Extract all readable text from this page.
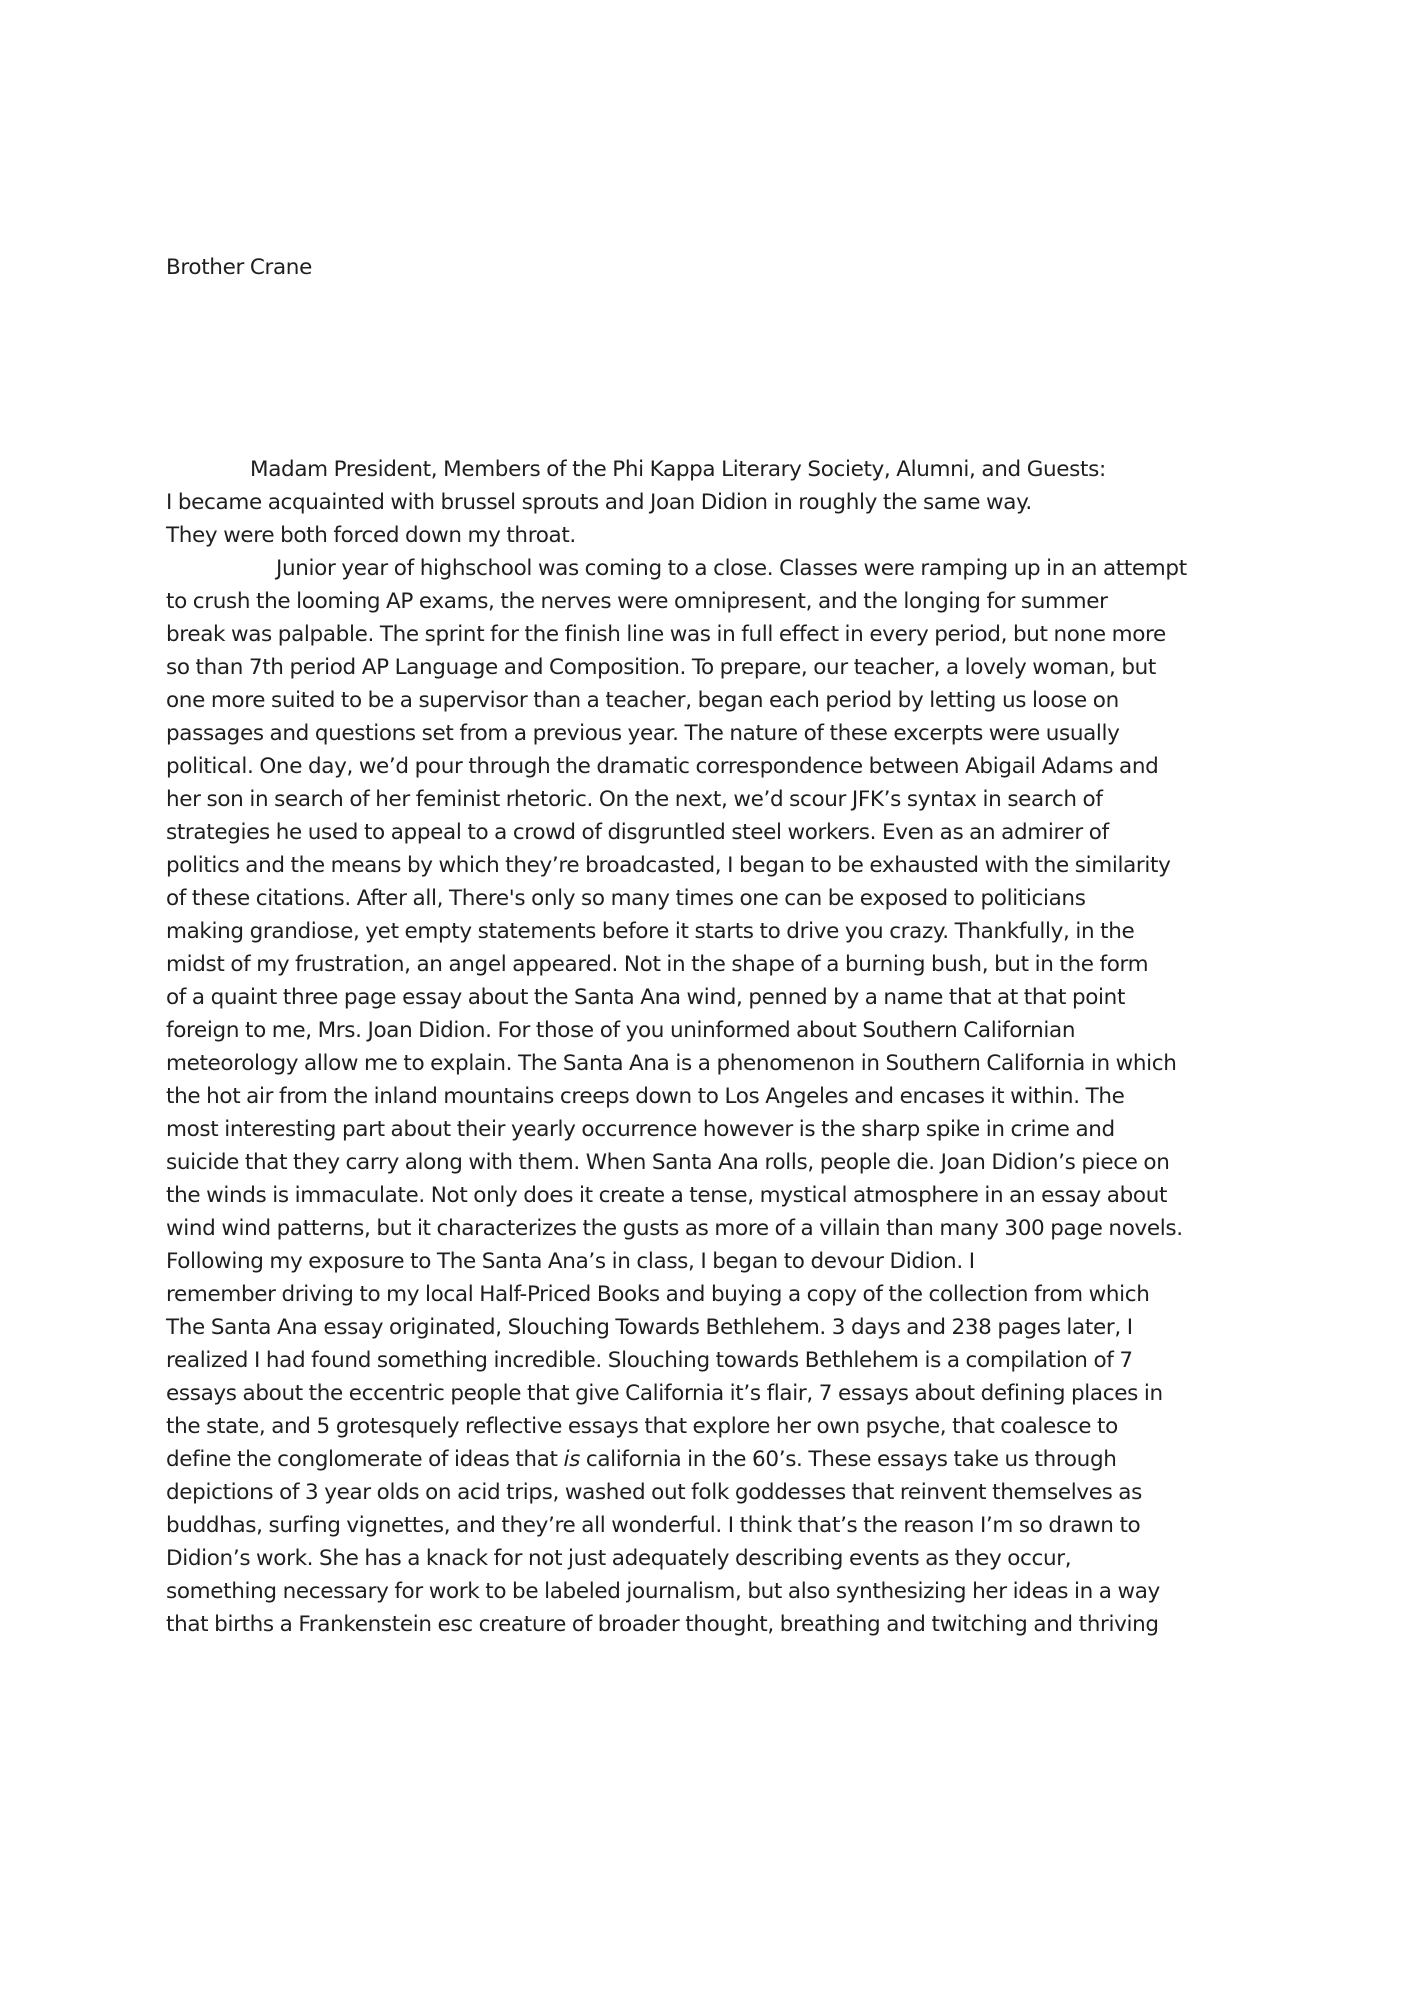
Brother Crane
Madam President, Members of the Phi Kappa Literary Society, Alumni, and Guests:
I became acquainted with brussel sprouts and Joan Didion in roughly the same way.
They were both forced down my throat.
Junior year of highschool was coming to a close. Classes were ramping up in an attempt
to crush the looming AP exams, the nerves were omnipresent, and the longing for summer
break was palpable. The sprint for the finish line was in full effect in every period, but none more
so than 7th period AP Language and Composition. To prepare, our teacher, a lovely woman, but
one more suited to be a supervisor than a teacher, began each period by letting us loose on
passages and questions set from a previous year. The nature of these excerpts were usually
political. One day, we’d pour through the dramatic correspondence between Abigail Adams and
her son in search of her feminist rhetoric. On the next, we’d scour JFK’s syntax in search of
strategies he used to appeal to a crowd of disgruntled steel workers. Even as an admirer of
politics and the means by which they’re broadcasted, I began to be exhausted with the similarity
of these citations. After all, There's only so many times one can be exposed to politicians
making grandiose, yet empty statements before it starts to drive you crazy. Thankfully, in the
midst of my frustration, an angel appeared. Not in the shape of a burning bush, but in the form
of a quaint three page essay about the Santa Ana wind, penned by a name that at that point
foreign to me, Mrs. Joan Didion. For those of you uninformed about Southern Californian
meteorology allow me to explain. The Santa Ana is a phenomenon in Southern California in which
the hot air from the inland mountains creeps down to Los Angeles and encases it within. The
most interesting part about their yearly occurrence however is the sharp spike in crime and
suicide that they carry along with them. When Santa Ana rolls, people die. Joan Didion’s piece on
the winds is immaculate. Not only does it create a tense, mystical atmosphere in an essay about
wind wind patterns, but it characterizes the gusts as more of a villain than many 300 page novels.
Following my exposure to The Santa Ana’s in class, I began to devour Didion. I
remember driving to my local Half-Priced Books and buying a copy of the collection from which
The Santa Ana essay originated, Slouching Towards Bethlehem. 3 days and 238 pages later, I
realized I had found something incredible. Slouching towards Bethlehem is a compilation of 7
essays about the eccentric people that give California it’s flair, 7 essays about defining places in
the state, and 5 grotesquely reflective essays that explore her own psyche, that coalesce to
define the conglomerate of ideas that is california in the 60’s. These essays take us through
depictions of 3 year olds on acid trips, washed out folk goddesses that reinvent themselves as
buddhas, surfing vignettes, and they’re all wonderful. I think that’s the reason I’m so drawn to
Didion’s work. She has a knack for not just adequately describing events as they occur,
something necessary for work to be labeled journalism, but also synthesizing her ideas in a way
that births a Frankenstein esc creature of broader thought, breathing and twitching and thriving
